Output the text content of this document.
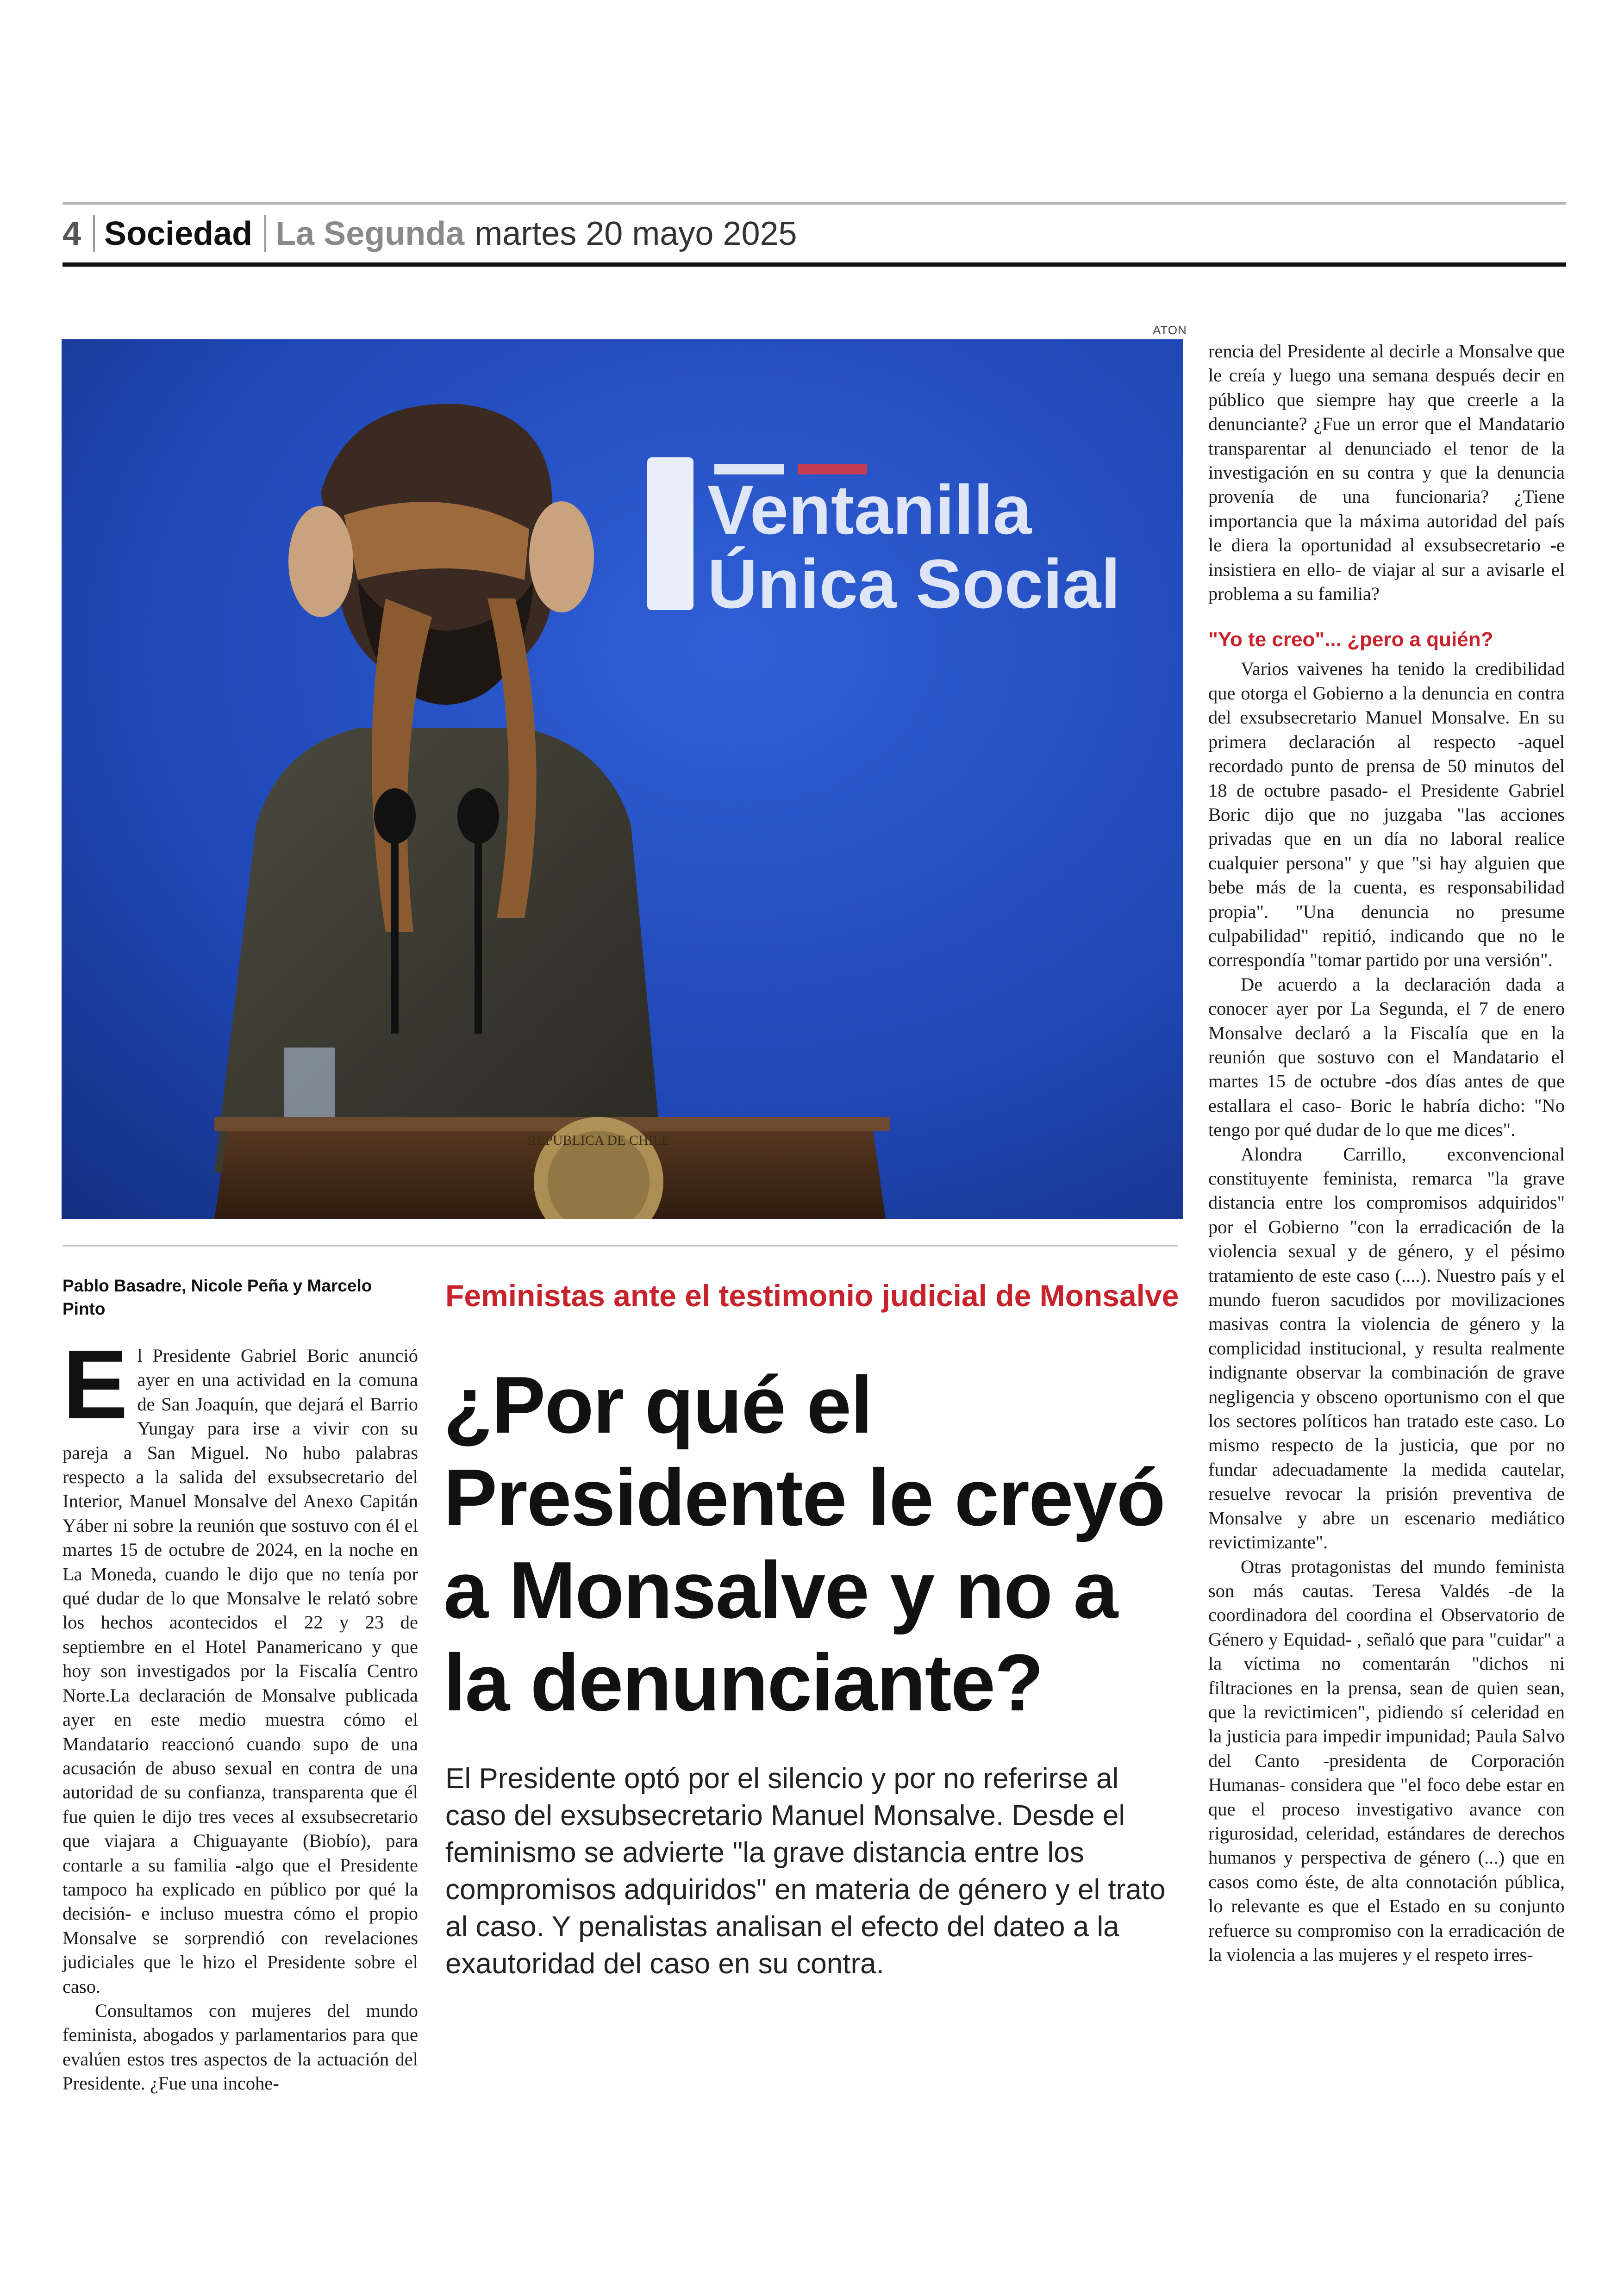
4 Sociedad La Segunda martes 20 mayo 2025
ATON
Ventanilla
Única Social
REPUBLICA DE CHILE
Pablo Basadre, Nicole Peña y Marcelo Pinto	Feministas ante el testimonio judicial de Monsalve
¿Por qué el Presidente le creyó a Monsalve y no a la denunciante?
El Presidente optó por el silencio y por no referirse al caso del exsubsecretario Manuel Monsalve. Desde el feminismo se advierte "la grave distancia entre los compromisos adquiridos" en materia de género y el trato al caso. Y penalistas analisan el efecto del dateo a la exautoridad del caso en su contra.

El Presidente Gabriel Boric anunció ayer en una actividad en la comuna de San Joaquín, que dejará el Barrio Yungay para irse a vivir con su pareja a San Miguel. No hubo palabras respecto a la salida del exsubsecretario del Interior, Manuel Monsalve del Anexo Capitán Yáber ni sobre la reunión que sostuvo con él el martes 15 de octubre de 2024, en la noche en La Moneda, cuando le dijo que no tenía por qué dudar de lo que Monsalve le relató sobre los hechos acontecidos el 22 y 23 de septiembre en el Hotel Panamericano y que hoy son investigados por la Fiscalía Centro Norte.La declaración de Monsalve publicada ayer en este medio muestra cómo el Mandatario reaccionó cuando supo de una acusación de abuso sexual en contra de una autoridad de su confianza, transparenta que él fue quien le dijo tres veces al exsubsecretario que viajara a Chiguayante (Biobío), para contarle a su familia -algo que el Presidente tampoco ha explicado en público por qué la decisión- e incluso muestra cómo el propio Monsalve se sorprendió con revelaciones judiciales que le hizo el Presidente sobre el caso.

Consultamos con mujeres del mundo feminista, abogados y parlamentarios para que evalúen estos tres aspectos de la actuación del Presidente. ¿Fue una incohe-

rencia del Presidente al decirle a Monsalve que le creía y luego una semana después decir en público que siempre hay que creerle a la denunciante? ¿Fue un error que el Mandatario transparentar al denunciado el tenor de la investigación en su contra y que la denuncia provenía de una funcionaria? ¿Tiene importancia que la máxima autoridad del país le diera la oportunidad al exsubsecretario -e insistiera en ello- de viajar al sur a avisarle el problema a su familia?

"Yo te creo"... ¿pero a quién?

Varios vaivenes ha tenido la credibilidad que otorga el Gobierno a la denuncia en contra del exsubsecretario Manuel Monsalve. En su primera declaración al respecto -aquel recordado punto de prensa de 50 minutos del 18 de octubre pasado- el Presidente Gabriel Boric dijo que no juzgaba "las acciones privadas que en un día no laboral realice cualquier persona" y que "si hay alguien que bebe más de la cuenta, es responsabilidad propia". "Una denuncia no presume culpabilidad" repitió, indicando que no le correspondía "tomar partido por una versión".

De acuerdo a la declaración dada a conocer ayer por La Segunda, el 7 de enero Monsalve declaró a la Fiscalía que en la reunión que sostuvo con el Mandatario el martes 15 de octubre -dos días antes de que estallara el caso- Boric le habría dicho: "No tengo por qué dudar de lo que me dices".

Alondra Carrillo, exconvencional constituyente feminista, remarca "la grave distancia entre los compromisos adquiridos" por el Gobierno "con la erradicación de la violencia sexual y de género, y el pésimo tratamiento de este caso (....). Nuestro país y el mundo fueron sacudidos por movilizaciones masivas contra la violencia de género y la complicidad institucional, y resulta realmente indignante observar la combinación de grave negligencia y obsceno oportunismo con el que los sectores políticos han tratado este caso. Lo mismo respecto de la justicia, que por no fundar adecuadamente la medida cautelar, resuelve revocar la prisión preventiva de Monsalve y abre un escenario mediático revictimizante".

Otras protagonistas del mundo feminista son más cautas. Teresa Valdés -de la coordinadora del coordina el Observatorio de Género y Equidad- , señaló que para "cuidar" a la víctima no comentarán "dichos ni filtraciones en la prensa, sean de quien sean, que la revictimicen", pidiendo sí celeridad en la justicia para impedir impunidad; Paula Salvo del Canto -presidenta de Corporación Humanas- considera que "el foco debe estar en que el proceso investigativo avance con rigurosidad, celeridad, estándares de derechos humanos y perspectiva de género (...) que en casos como éste, de alta connotación pública, lo relevante es que el Estado en su conjunto refuerce su compromiso con la erradicación de la violencia a las mujeres y el respeto irres-
